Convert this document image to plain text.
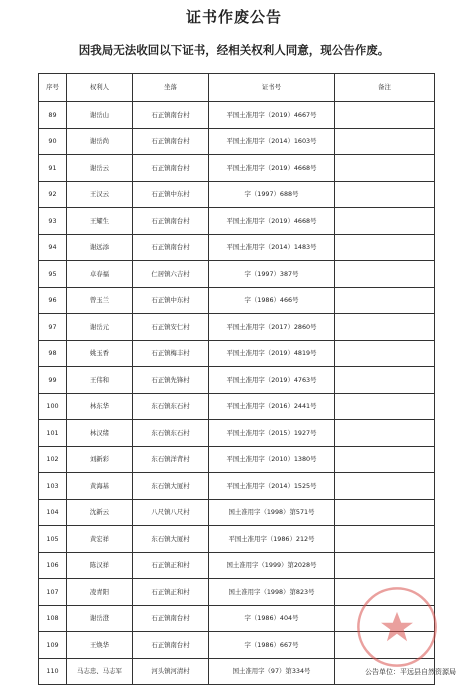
证书作废公告
因我局无法收回以下证书，经相关权利人同意，现公告作废。
序号	权利人	坐落	证书号	备注
89	谢岳山	石正镇南台村	平国土准用字（2019）4667号	
90	谢岳尚	石正镇南台村	平国土准用字（2014）1603号	
91	谢岳云	石正镇南台村	平国土准用字（2019）4668号	
92	王汉云	石正镇中东村	字（1997）688号	
93	王耀生	石正镇南台村	平国土准用字（2019）4668号	
94	谢远添	石正镇南台村	平国土准用字（2014）1483号	
95	卓春福	仁居镇六吉村	字（1997）387号	
96	曾玉兰	石正镇中东村	字（1986）466号	
97	谢岳元	石正镇安仁村	平国土准用字（2017）2860号	
98	姚玉香	石正镇梅丰村	平国土准用字（2019）4819号	
99	王伟和	石正镇先锋村	平国土准用字（2019）4763号	
100	林东华	东石镇东石村	平国土准用字（2016）2441号	
101	林汉绪	东石镇东石村	平国土准用字（2015）1927号	
102	刘新彩	东石镇洋背村	平国土准用字（2010）1380号	
103	黄海基	东石镇大厦村	平国土准用字（2014）1525号	
104	沈新云	八尺镇八尺村	国土准用字（1998）第571号	
105	黄宏祥	东石镇大厦村	平国土准用字（1986）212号	
106	陈汉祥	石正镇正和村	国土准用字（1999）第2028号	
107	凌青阳	石正镇正和村	国土准用字（1998）第823号	
108	谢岳澄	石正镇南台村	字（1986）404号	
109	王焕华	石正镇南台村	字（1986）667号	
110	马志忠、马志军	河头镇河清村	国土准用字（97）第334号		公告单位：平远县自然资源局
